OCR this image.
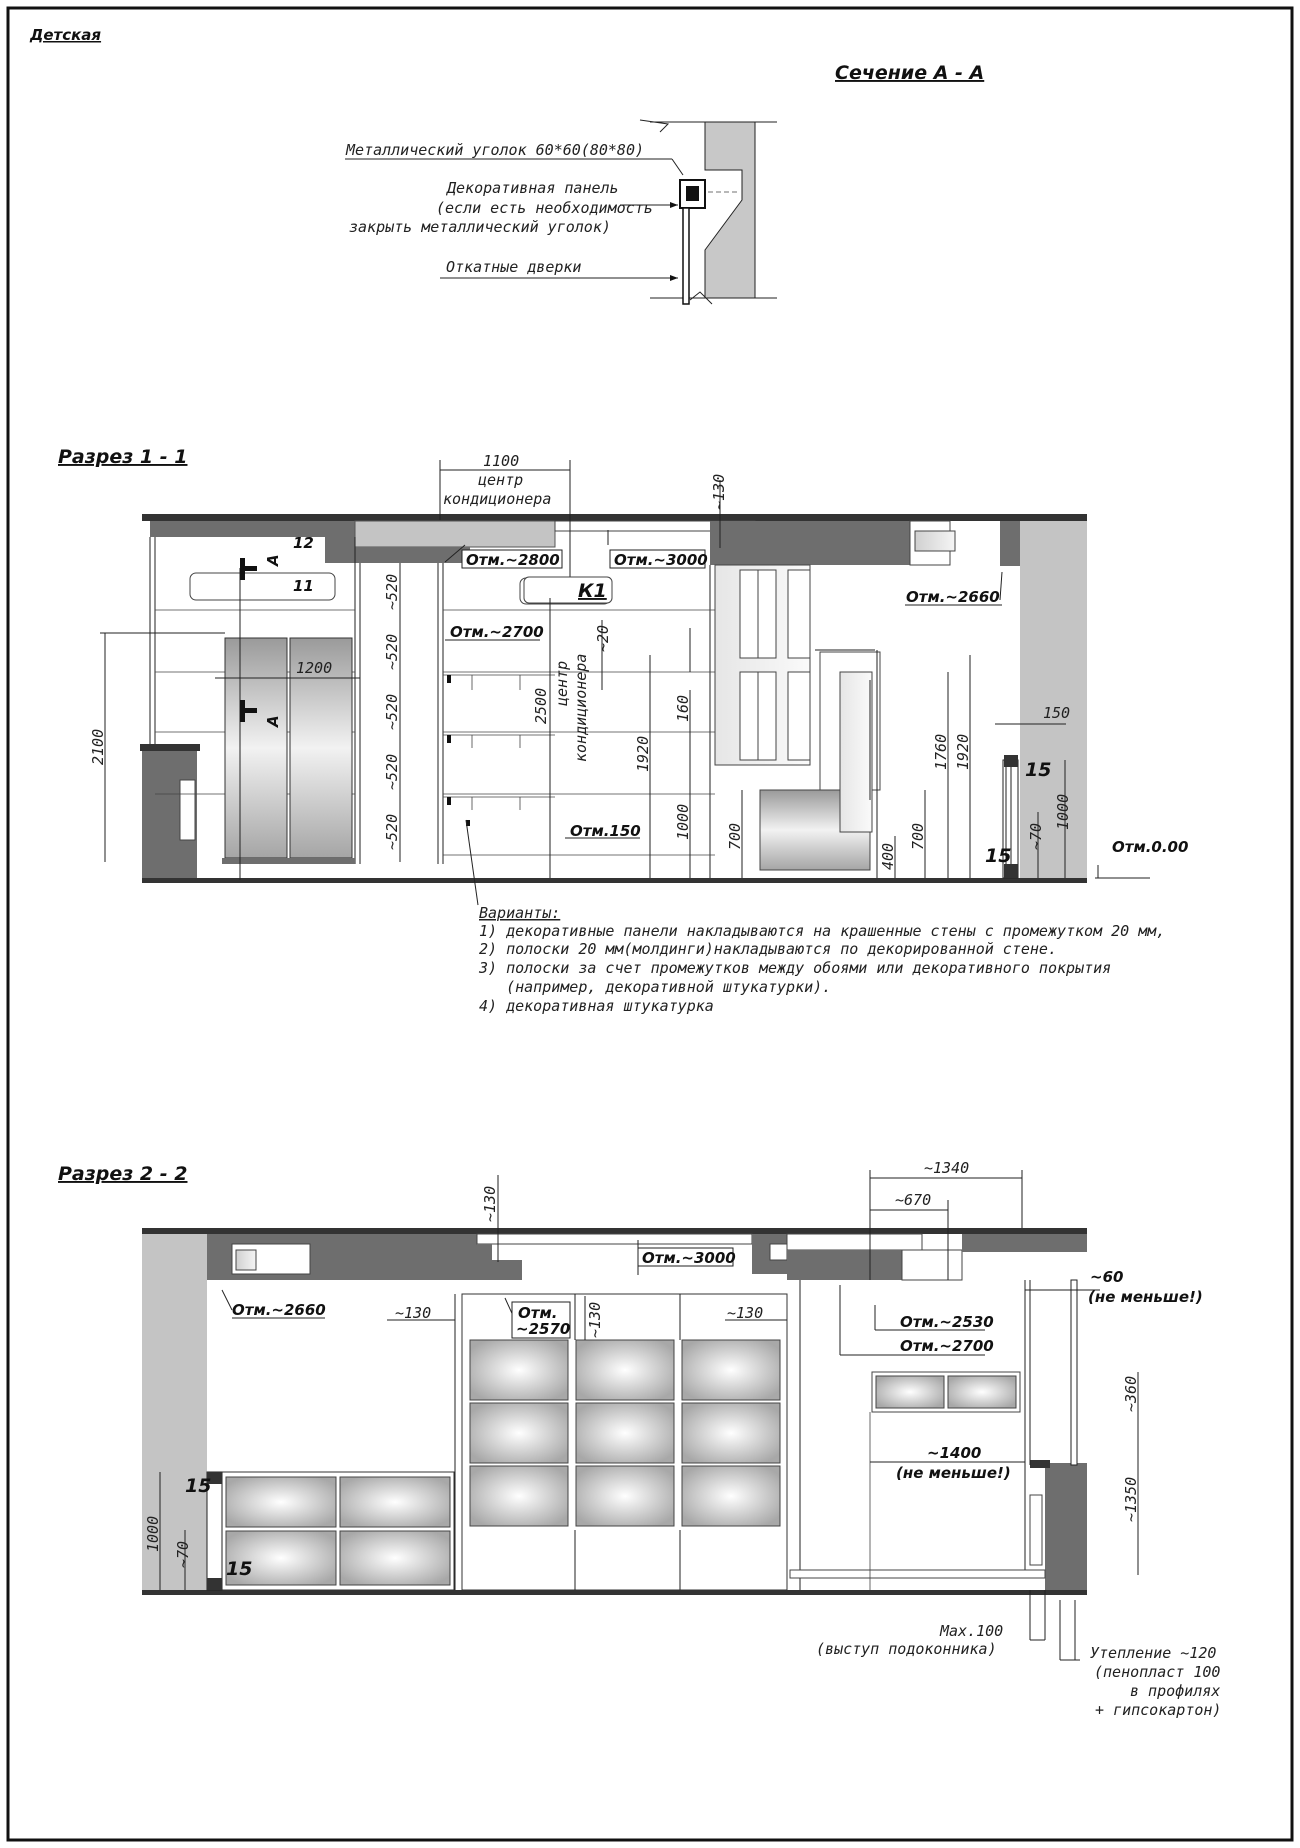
Детская
Сечение А - А
Металлический уголок 60*60(80*80)
Декоративная панель
(если есть необходимость
закрыть металлический уголок)
Откатные дверки
Разрез 1 - 1	1100
центр
кондиционера	~130
Отм.~2800	Отм.~3000
Отм.~2660
Отм.~2700
Отм.150
Отм.0.00
К1
11
12
15
15
А
А
1200
2100
~520
~520
~520
~520
~520
~20
2500 центр кондиционера	1920
1000
160
700
1760 1920
400
700
150
~70
1000
Варианты:
1) декоративные панели накладываются на крашенные стены с промежутком 20 мм,
2) полоски 20 мм(молдинги)накладываются по декорированной стене.
3) полоски за счет промежутков между обоями или декоративного покрытия
(например, декоративной штукатурки).
4) декоративная штукатурка
Разрез 2 - 2	~1340
~670
~130
Отм.~3000
Отм.~2660	Отм.
~2570	Отм.~2530
Отм.~2700
~130	~130	~130
~60
(не меньше!)
~360
~1400
(не меньше!)
~1350
1000
~70
15
15
Max.100
(выступ подоконника)	Утепление ~120
(пенопласт 100
в профилях
+ гипсокартон)
